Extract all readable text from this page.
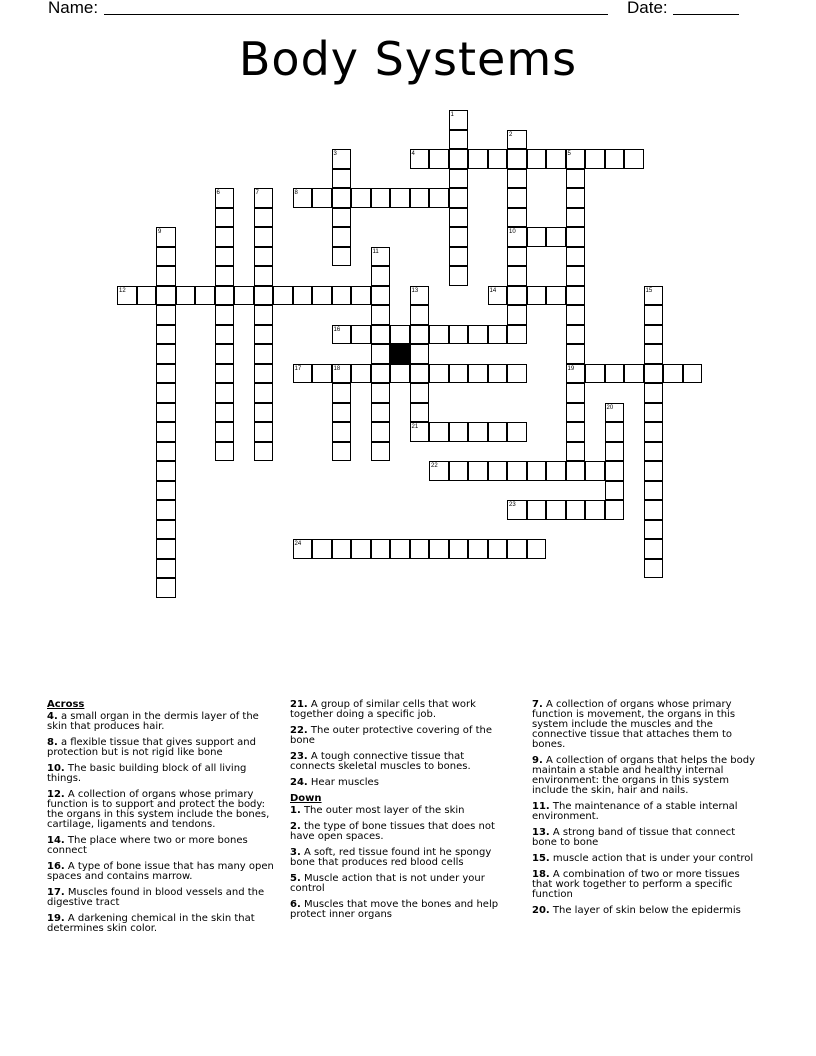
Name:	Date:
Body Systems
1
2
3	4	5
6	7	8
9	10
11
12	13	14	15
16
17	18	19
20
21
22
23
24
Across
4. a small organ in the dermis layer of the skin that produces hair.
8. a flexible tissue that gives support and protection but is not rigid like bone
10. The basic building block of all living things.
12. A collection of organs whose primary function is to support and protect the body: the organs in this system include the bones, cartilage, ligaments and tendons.
14. The place where two or more bones connect
16. A type of bone issue that has many open spaces and contains marrow.
17. Muscles found in blood vessels and the digestive tract
19. A darkening chemical in the skin that determines skin color.
21. A group of similar cells that work together doing a specific job.
22. The outer protective covering of the bone
23. A tough connective tissue that connects skeletal muscles to bones.
24. Hear muscles
Down
1. The outer most layer of the skin
2. the type of bone tissues that does not have open spaces.
3. A soft, red tissue found int he spongy bone that produces red blood cells
5. Muscle action that is not under your control
6. Muscles that move the bones and help protect inner organs
7. A collection of organs whose primary function is movement, the organs in this system include the muscles and the connective tissue that attaches them to bones.
9. A collection of organs that helps the body maintain a stable and healthy internal environment: the organs in this system include the skin, hair and nails.
11. The maintenance of a stable internal environment.
13. A strong band of tissue that connect bone to bone
15. muscle action that is under your control
18. A combination of two or more tissues that work together to perform a specific function
20. The layer of skin below the epidermis
